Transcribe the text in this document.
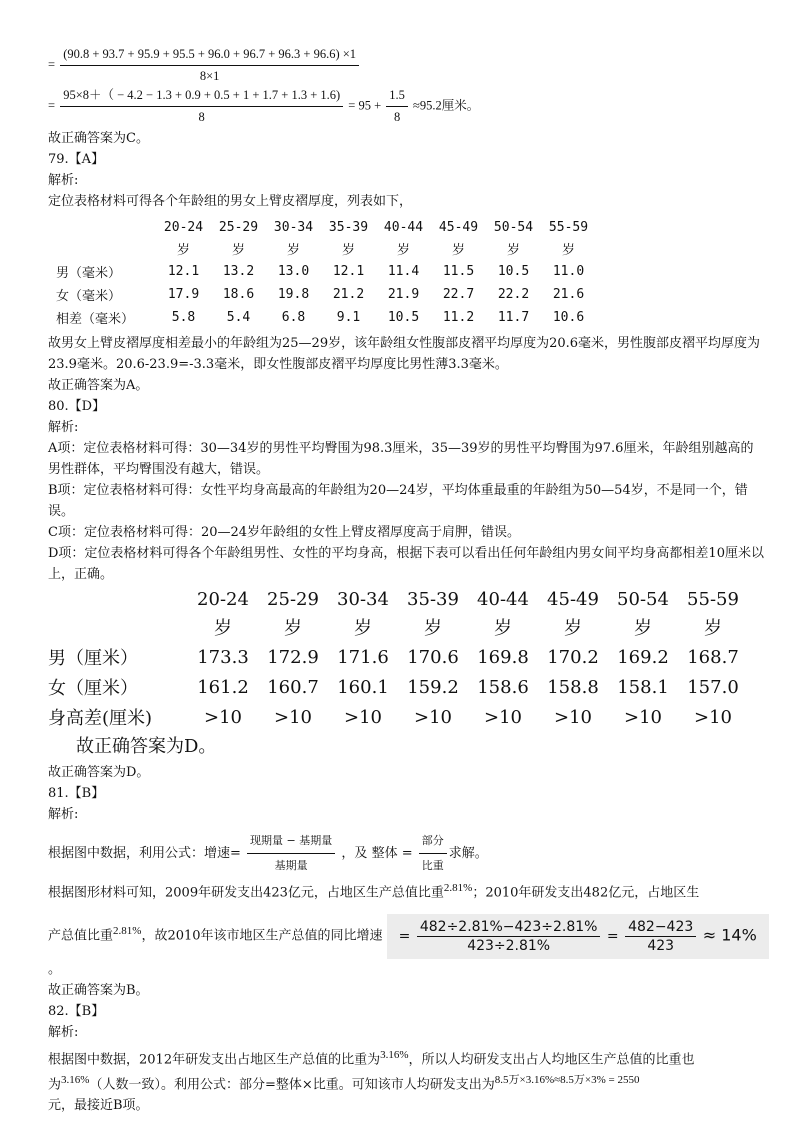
= $\frac{(90.8 + 93.7 + 95.9 + 95.5 + 96.0 + 96.7 + 96.3 + 96.6) \times 1}{8\times 1}$
= $\frac{95\times 8+( - 4.2 - 1.3 + 0.9 + 0.5 + 1 + 1.7 + 1.3 + 1.6)}{8} = 95 + \frac{1.5}{8} \approx 95.2$厘米。
故正确答案为C。
79.【A】
解析:
定位表格材料可得各个年龄组的男女上臂皮褶厚度，列表如下，
	20-24	25-29	30-34	35-39	40-44	45-49	50-54	55-59
	岁	岁	岁	岁	岁	岁	岁	岁
男（毫米）	12.1	13.2	13.0	12.1	11.4	11.5	10.5	11.0
女（毫米）	17.9	18.6	19.8	21.2	21.9	22.7	22.2	21.6
相差（毫米）	5.8	5.4	6.8	9.1	10.5	11.2	11.7	10.6
故男女上臂皮褶厚度相差最小的年龄组为25—29岁，该年龄组女性腹部皮褶平均厚度为20.6毫米，男性腹部皮褶平均厚度为23.9毫米。20.6-23.9=-3.3毫米，即女性腹部皮褶平均厚度比男性薄3.3毫米。
故正确答案为A。
80.【D】
解析:
A项：定位表格材料可得：30—34岁的男性平均臀围为98.3厘米，35—39岁的男性平均臀围为97.6厘米，年龄组别越高的男性群体，平均臀围没有越大，错误。
B项：定位表格材料可得：女性平均身高最高的年龄组为20—24岁，平均体重最重的年龄组为50—54岁，不是同一个，错误。
C项：定位表格材料可得：20—24岁年龄组的女性上臂皮褶厚度高于肩胛，错误。
D项：定位表格材料可得各个年龄组男性、女性的平均身高，根据下表可以看出任何年龄组内男女间平均身高都相差10厘米以上，正确。
	20-24	25-29	30-34	35-39	40-44	45-49	50-54	55-59
	岁	岁	岁	岁	岁	岁	岁	岁
男（厘米）	173.3	172.9	171.6	170.6	169.8	170.2	169.2	168.7
女（厘米）	161.2	160.7	160.1	159.2	158.6	158.8	158.1	157.0
身高差(厘米)	>10	>10	>10	>10	>10	>10	>10	>10
故正确答案为D。
故正确答案为D。
81.【B】
解析:
根据图中数据，利用公式：增速= $\frac{\text{现期量 − 基期量}}{\text{基期量}}$ ，及 整体 = $\frac{\text{部分}}{\text{比重}}$ 求解。
根据图形材料可知，2009年研发支出423亿元，占地区生产总值比重$^{2.81\%}$；2010年研发支出482亿元，占地区生
产总值比重$^{2.81\%}$，故2010年该市地区生产总值的同比增速 = $\frac{482\div 2.81\%-423\div 2.81\%}{423\div 2.81\%} = \frac{482-423}{423} \approx 14\%$
。
故正确答案为B。
82.【B】
解析:
根据图中数据，2012年研发支出占地区生产总值的比重为$^{3.16\%}$，所以人均研发支出占人均地区生产总值的比重也
为$^{3.16\%}$（人数一致）。利用公式：部分=整体×比重。可知该市人均研发支出为$^{8.5万\times 3.16\%\approx 8.5万\times 3\% = 2550}$
元，最接近B项。
